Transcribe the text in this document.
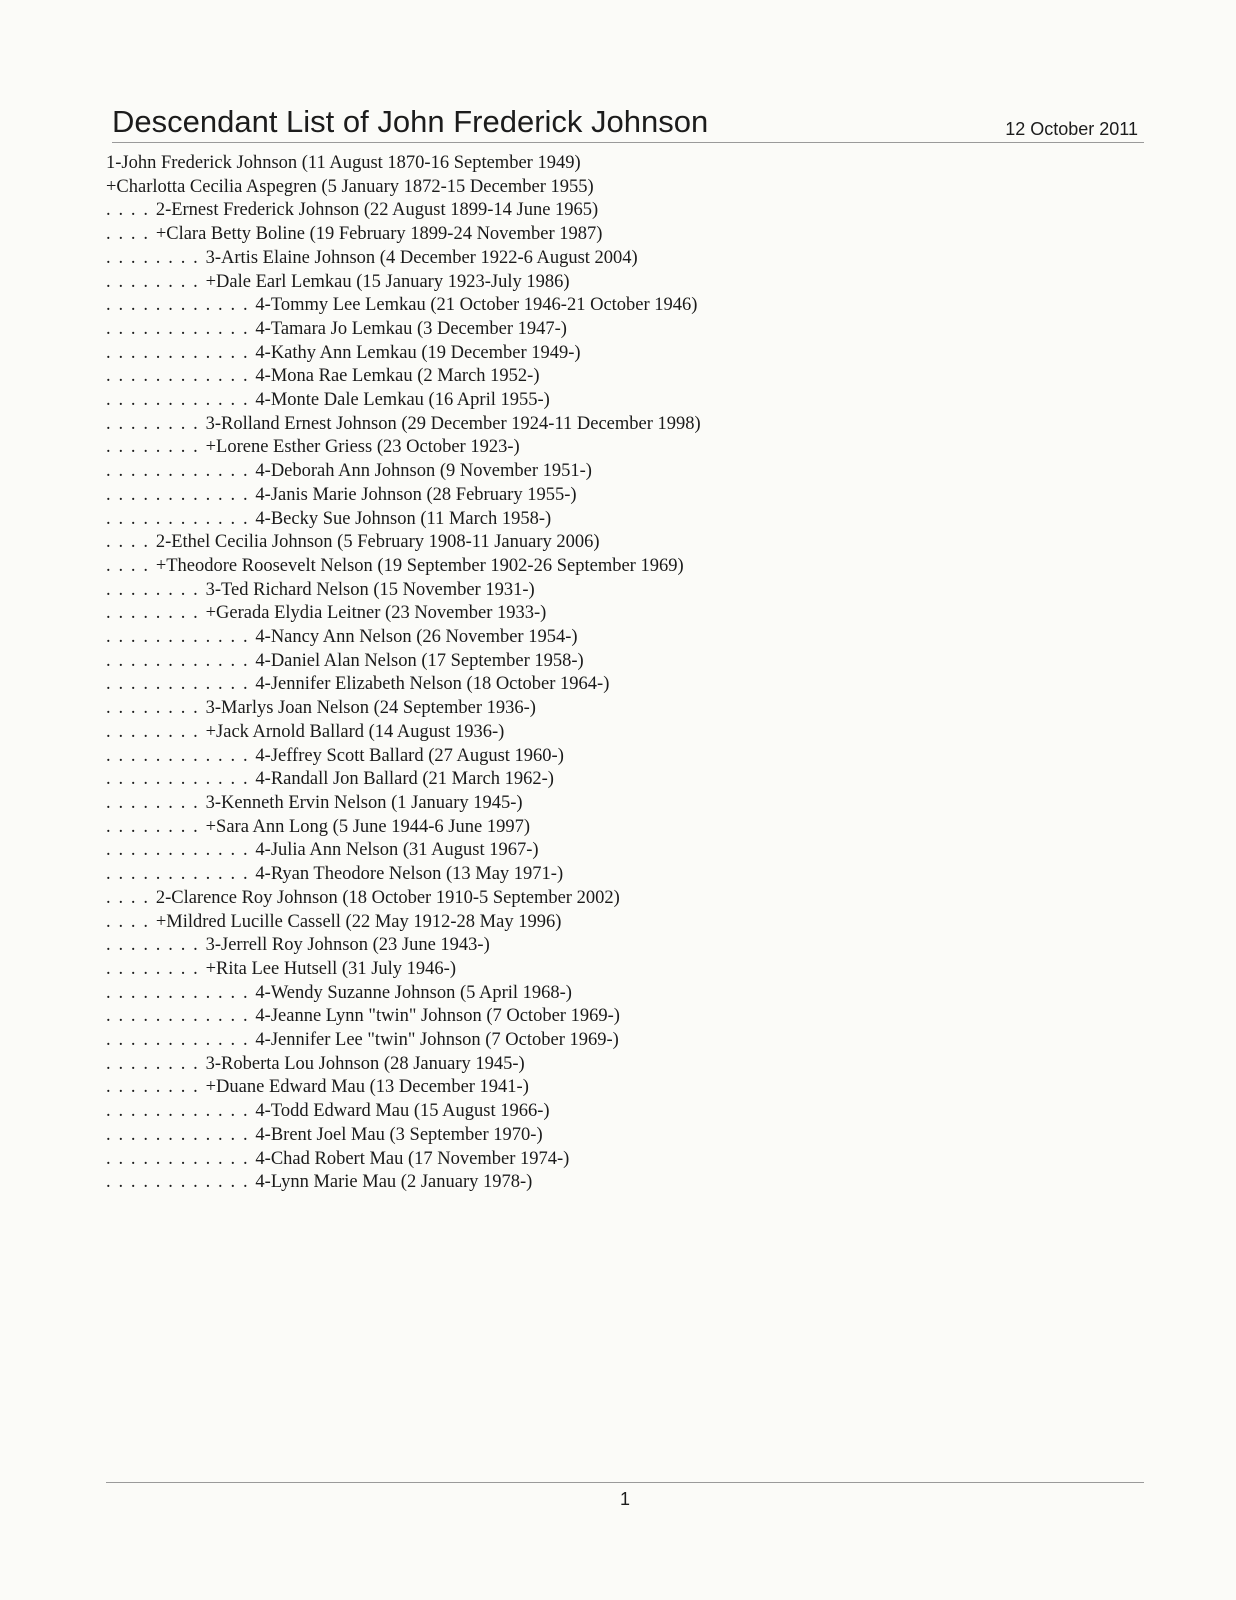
Descendant List of John Frederick Johnson	12 October 2011
1-John Frederick Johnson (11 August 1870-16 September 1949)
+Charlotta Cecilia Aspegren (5 January 1872-15 December 1955)
. . . . 2-Ernest Frederick Johnson (22 August 1899-14 June 1965)
. . . . +Clara Betty Boline (19 February 1899-24 November 1987)
. . . . . . . . 3-Artis Elaine Johnson (4 December 1922-6 August 2004)
. . . . . . . . +Dale Earl Lemkau (15 January 1923-July 1986)
. . . . . . . . . . . . 4-Tommy Lee Lemkau (21 October 1946-21 October 1946)
. . . . . . . . . . . . 4-Tamara Jo Lemkau (3 December 1947-)
. . . . . . . . . . . . 4-Kathy Ann Lemkau (19 December 1949-)
. . . . . . . . . . . . 4-Mona Rae Lemkau (2 March 1952-)
. . . . . . . . . . . . 4-Monte Dale Lemkau (16 April 1955-)
. . . . . . . . 3-Rolland Ernest Johnson (29 December 1924-11 December 1998)
. . . . . . . . +Lorene Esther Griess (23 October 1923-)
. . . . . . . . . . . . 4-Deborah Ann Johnson (9 November 1951-)
. . . . . . . . . . . . 4-Janis Marie Johnson (28 February 1955-)
. . . . . . . . . . . . 4-Becky Sue Johnson (11 March 1958-)
. . . . 2-Ethel Cecilia Johnson (5 February 1908-11 January 2006)
. . . . +Theodore Roosevelt Nelson (19 September 1902-26 September 1969)
. . . . . . . . 3-Ted Richard Nelson (15 November 1931-)
. . . . . . . . +Gerada Elydia Leitner (23 November 1933-)
. . . . . . . . . . . . 4-Nancy Ann Nelson (26 November 1954-)
. . . . . . . . . . . . 4-Daniel Alan Nelson (17 September 1958-)
. . . . . . . . . . . . 4-Jennifer Elizabeth Nelson (18 October 1964-)
. . . . . . . . 3-Marlys Joan Nelson (24 September 1936-)
. . . . . . . . +Jack Arnold Ballard (14 August 1936-)
. . . . . . . . . . . . 4-Jeffrey Scott Ballard (27 August 1960-)
. . . . . . . . . . . . 4-Randall Jon Ballard (21 March 1962-)
. . . . . . . . 3-Kenneth Ervin Nelson (1 January 1945-)
. . . . . . . . +Sara Ann Long (5 June 1944-6 June 1997)
. . . . . . . . . . . . 4-Julia Ann Nelson (31 August 1967-)
. . . . . . . . . . . . 4-Ryan Theodore Nelson (13 May 1971-)
. . . . 2-Clarence Roy Johnson (18 October 1910-5 September 2002)
. . . . +Mildred Lucille Cassell (22 May 1912-28 May 1996)
. . . . . . . . 3-Jerrell Roy Johnson (23 June 1943-)
. . . . . . . . +Rita Lee Hutsell (31 July 1946-)
. . . . . . . . . . . . 4-Wendy Suzanne Johnson (5 April 1968-)
. . . . . . . . . . . . 4-Jeanne Lynn "twin" Johnson (7 October 1969-)
. . . . . . . . . . . . 4-Jennifer Lee "twin" Johnson (7 October 1969-)
. . . . . . . . 3-Roberta Lou Johnson (28 January 1945-)
. . . . . . . . +Duane Edward Mau (13 December 1941-)
. . . . . . . . . . . . 4-Todd Edward Mau (15 August 1966-)
. . . . . . . . . . . . 4-Brent Joel Mau (3 September 1970-)
. . . . . . . . . . . . 4-Chad Robert Mau (17 November 1974-)
. . . . . . . . . . . . 4-Lynn Marie Mau (2 January 1978-)
1
